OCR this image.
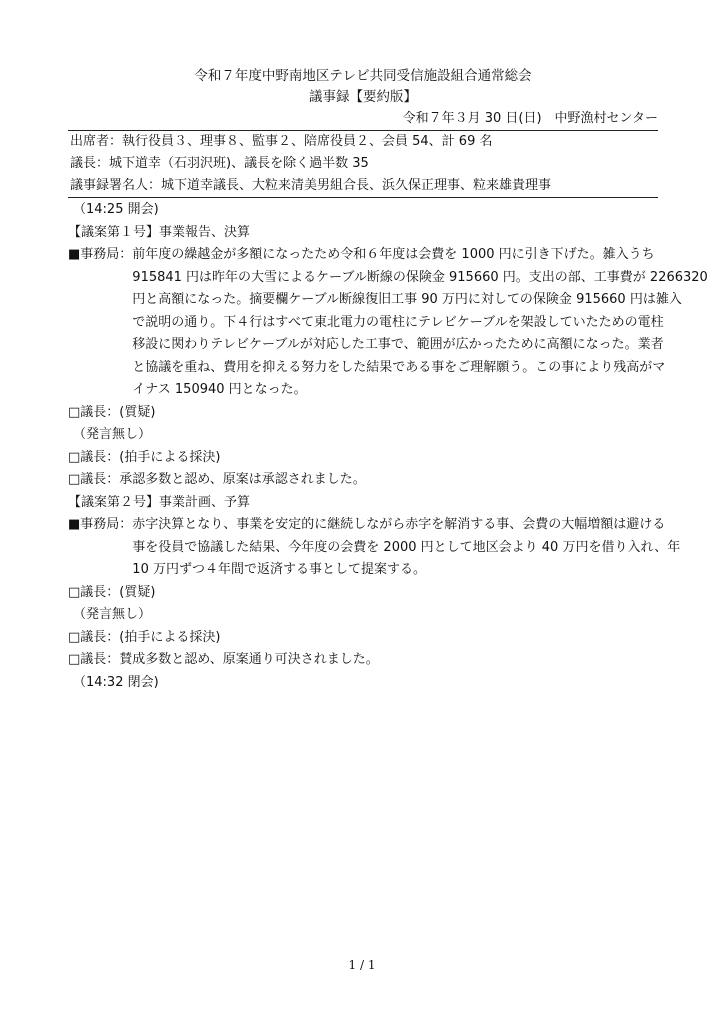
令和７年度中野南地区テレビ共同受信施設組合通常総会
議事録【要約版】
令和７年３月 30 日(日)　中野漁村センター
出席者：執行役員３、理事８、監事２、陪席役員２、会員 54、計 69 名
議長：城下道幸（石羽沢班)、議長を除く過半数 35
議事録署名人：城下道幸議長、大粒来清美男組合長、浜久保正理事、粒来雄貴理事
（14:25 開会)
【議案第１号】事業報告、決算
■事務局： 前年度の繰越金が多額になったため令和６年度は会費を 1000 円に引き下げた。雑入うち
915841 円は昨年の大雪によるケーブル断線の保険金 915660 円。支出の部、工事費が 2266320
円と高額になった。摘要欄ケーブル断線復旧工事 90 万円に対しての保険金 915660 円は雑入
で説明の通り。下４行はすべて東北電力の電柱にテレビケーブルを架設していたための電柱
移設に関わりテレビケーブルが対応した工事で、範囲が広かったために高額になった。業者
と協議を重ね、費用を抑える努力をした結果である事をご理解願う。この事により残高がマ
イナス 150940 円となった。
□議長：(質疑)
（発言無し）
□議長：(拍手による採決)
□議長：承認多数と認め、原案は承認されました。
【議案第２号】事業計画、予算
■事務局： 赤字決算となり、事業を安定的に継続しながら赤字を解消する事、会費の大幅増額は避ける
事を役員で協議した結果、今年度の会費を 2000 円として地区会より 40 万円を借り入れ、年
10 万円ずつ４年間で返済する事として提案する。
□議長：(質疑)
（発言無し）
□議長：(拍手による採決)
□議長：賛成多数と認め、原案通り可決されました。
（14:32 閉会)
1 / 1
